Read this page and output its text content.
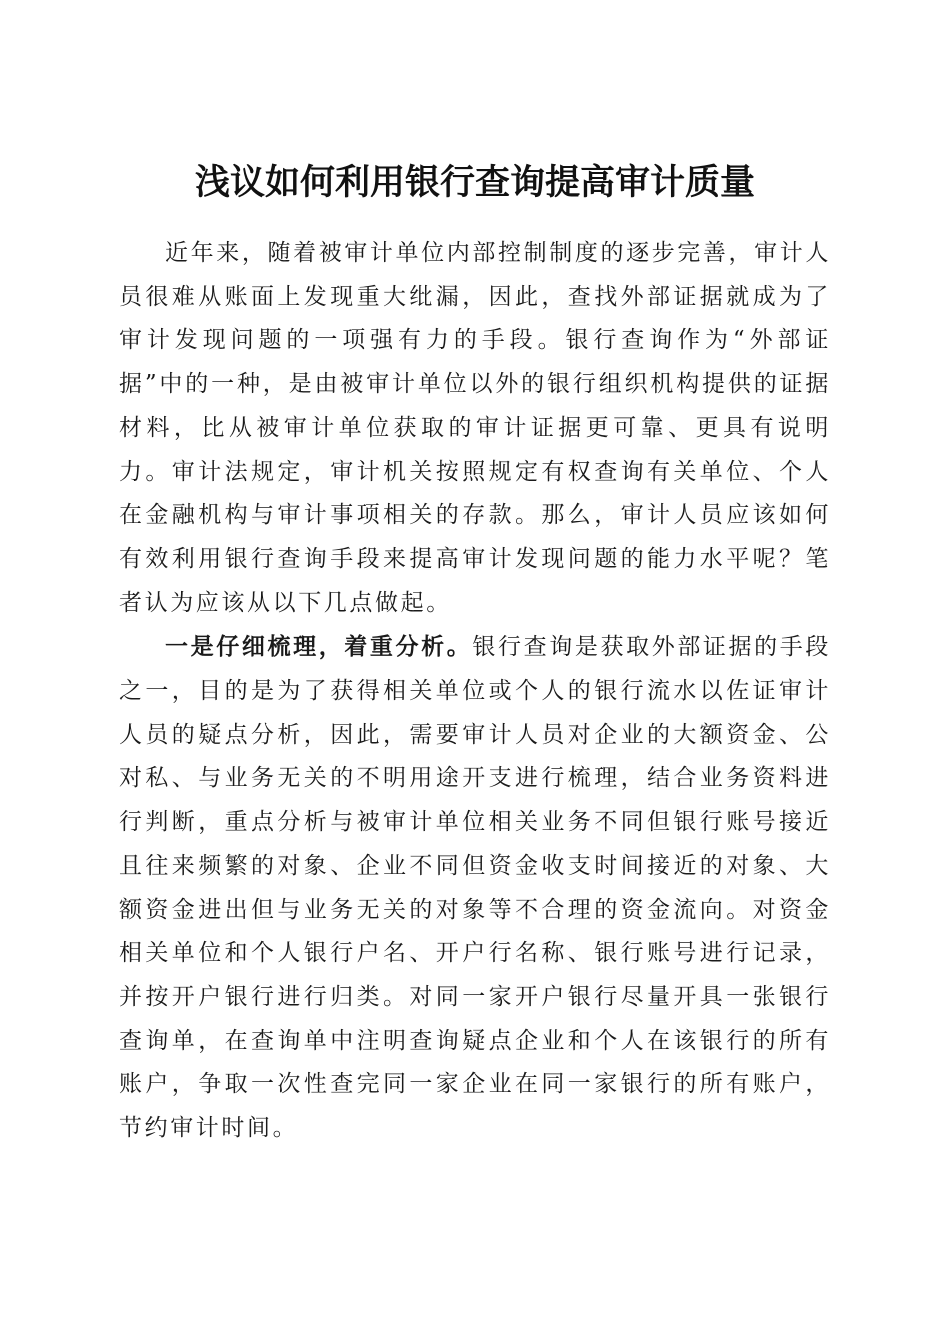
浅议如何利用银行查询提高审计质量

近年来，随着被审计单位内部控制制度的逐步完善，审计人员很难从账面上发现重大纰漏，因此，查找外部证据就成为了审计发现问题的一项强有力的手段。银行查询作为“外部证据”中的一种，是由被审计单位以外的银行组织机构提供的证据材料，比从被审计单位获取的审计证据更可靠、更具有说明力。审计法规定，审计机关按照规定有权查询有关单位、个人在金融机构与审计事项相关的存款。那么，审计人员应该如何有效利用银行查询手段来提高审计发现问题的能力水平呢？笔者认为应该从以下几点做起。

一是仔细梳理，着重分析。银行查询是获取外部证据的手段之一，目的是为了获得相关单位或个人的银行流水以佐证审计人员的疑点分析，因此，需要审计人员对企业的大额资金、公对私、与业务无关的不明用途开支进行梳理，结合业务资料进行判断，重点分析与被审计单位相关业务不同但银行账号接近且往来频繁的对象、企业不同但资金收支时间接近的对象、大额资金进出但与业务无关的对象等不合理的资金流向。对资金相关单位和个人银行户名、开户行名称、银行账号进行记录，并按开户银行进行归类。对同一家开户银行尽量开具一张银行查询单，在查询单中注明查询疑点企业和个人在该银行的所有账户，争取一次性查完同一家企业在同一家银行的所有账户，节约审计时间。
